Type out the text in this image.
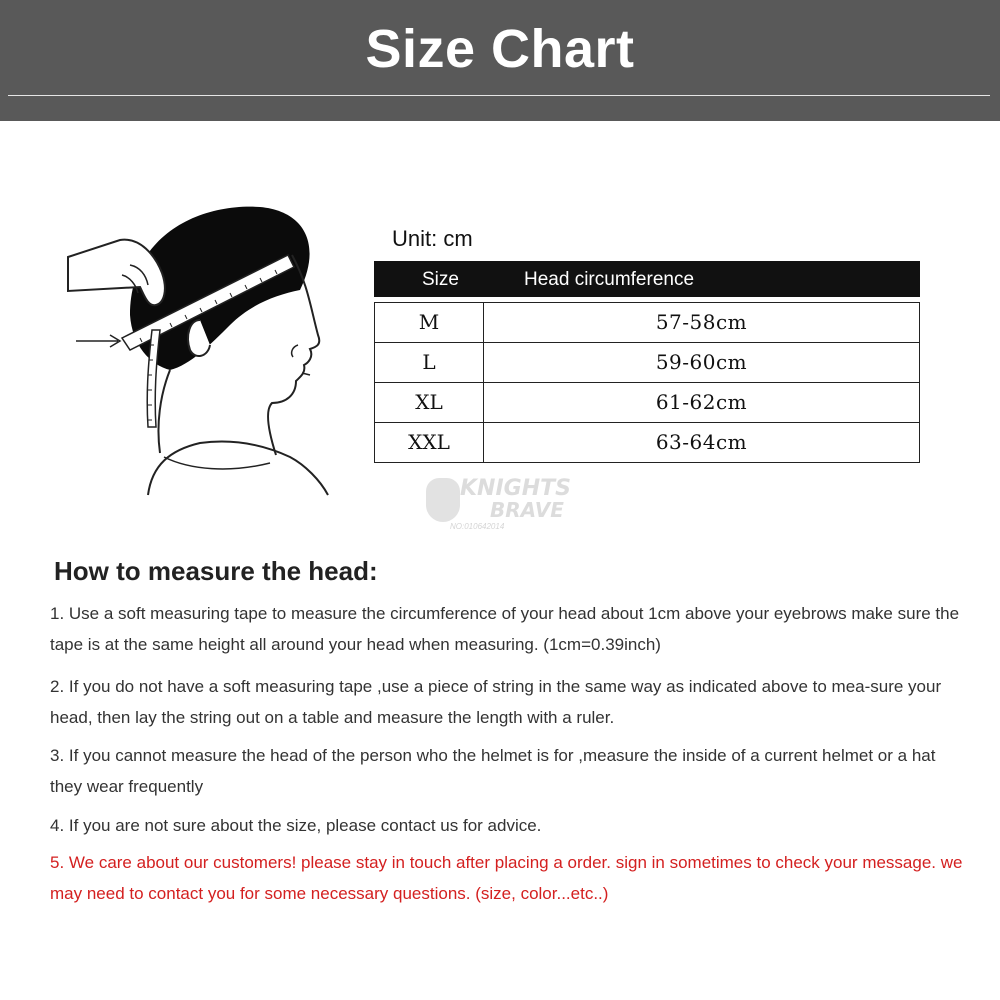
Size Chart
Unit: cm
Size	Head circumference
M	57-58cm
L	59-60cm
XL	61-62cm
XXL	63-64cm
KNIGHTS
BRAVE
NO:010642014
How to measure the head:
1. Use a soft measuring tape to measure the circumference of your head about 1cm above your eyebrows make sure the tape is at the same height all around your head when measuring. (1cm=0.39inch)
2. If you do not have a soft measuring tape ,use a piece of string in the same way as indicated above to mea-sure your head, then lay the string out on a table and measure the length with a ruler.
3. If you cannot measure the head of the person who the helmet is for ,measure the inside of a current helmet or a hat they wear frequently
4. If you are not sure about the size, please contact us for advice.
5. We care about our customers! please stay in touch after placing a order. sign in sometimes to check your message. we may need to contact you for some necessary questions. (size, color...etc..)
